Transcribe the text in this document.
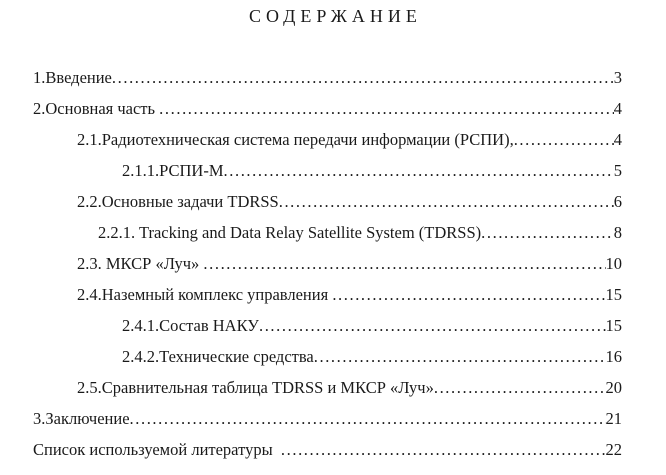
СОДЕРЖАНИЕ
1.Введение .....	3
2.Основная часть .....	4
2.1.Радиотехническая система передачи информации (РСПИ), .....	4
2.1.1.РСПИ-М .....	5
2.2.Основные задачи TDRSS .....	6
2.2.1. Tracking and Data Relay Satellite System (TDRSS) .....	8
2.3. МКСР «Луч» .....	10
2.4.Наземный комплекс управления .....	15
2.4.1.Состав НАКУ .....	15
2.4.2.Технические средства .....	16
2.5.Сравнительная таблица TDRSS и МКСР «Луч» .....	20
3.Заключение .....	21
Список используемой литературы .....	22
